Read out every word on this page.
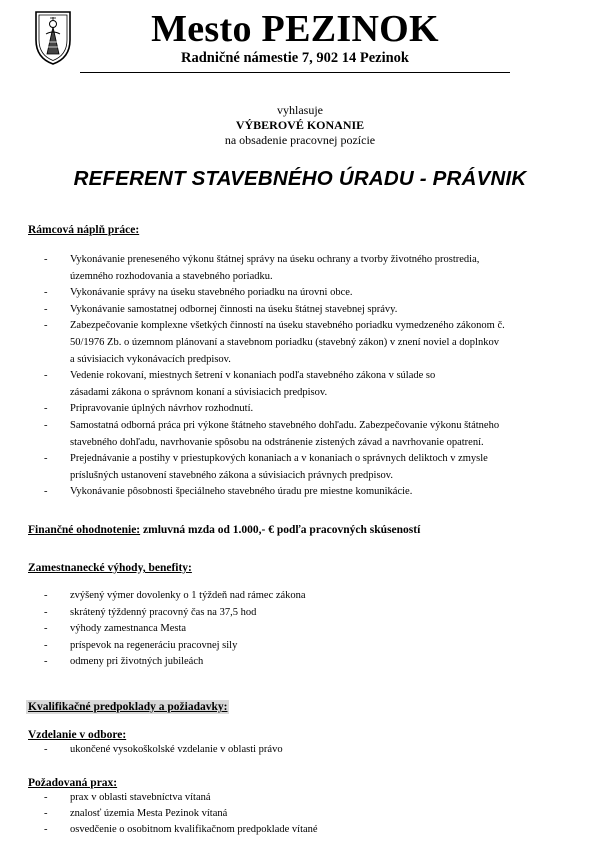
Mesto PEZINOK
Radničné námestie 7, 902 14 Pezinok
vyhlasuje
VÝBEROVÉ KONANIE
na obsadenie pracovnej pozície
REFERENT STAVEBNÉHO ÚRADU - PRÁVNIK
Rámcová náplň práce:
- Vykonávanie preneseného výkonu štátnej správy na úseku ochrany a tvorby životného prostredia,
územného rozhodovania a stavebného poriadku.
- Vykonávanie správy na úseku stavebného poriadku na úrovni obce.
- Vykonávanie samostatnej odbornej činnosti na úseku štátnej stavebnej správy.
- Zabezpečovanie komplexne všetkých činností na úseku stavebného poriadku vymedzeného zákonom č.
50/1976 Zb. o územnom plánovaní a stavebnom poriadku (stavebný zákon) v znení noviel a doplnkov
a súvisiacich vykonávacích predpisov.
- Vedenie rokovaní, miestnych šetrení v konaniach podľa stavebného zákona v súlade so
zásadami zákona o správnom konaní a súvisiacich predpisov.
- Pripravovanie úplných návrhov rozhodnutí.
- Samostatná odborná práca pri výkone štátneho stavebného dohľadu. Zabezpečovanie výkonu štátneho
stavebného dohľadu, navrhovanie spôsobu na odstránenie zistených závad a navrhovanie opatrení.
- Prejednávanie a postihy v priestupkových konaniach a v konaniach o správnych deliktoch v zmysle
príslušných ustanovení stavebného zákona a súvisiacich právnych predpisov.
- Vykonávanie pôsobnosti špeciálneho stavebného úradu pre miestne komunikácie.
Finančné ohodnotenie: zmluvná mzda od 1.000,- € podľa pracovných skúseností
Zamestnanecké výhody, benefity:
- zvýšený výmer dovolenky o 1 týždeň nad rámec zákona
- skrátený týždenný pracovný čas na 37,5 hod
- výhody zamestnanca Mesta
- príspevok na regeneráciu pracovnej sily
- odmeny pri životných jubileách
Kvalifikačné predpoklady a požiadavky:
Vzdelanie v odbore:
- ukončené vysokoškolské vzdelanie v oblasti právo
Požadovaná prax:
- prax v oblasti stavebníctva vítaná
- znalosť územia Mesta Pezinok vítaná
- osvedčenie o osobitnom kvalifikačnom predpoklade vítané
